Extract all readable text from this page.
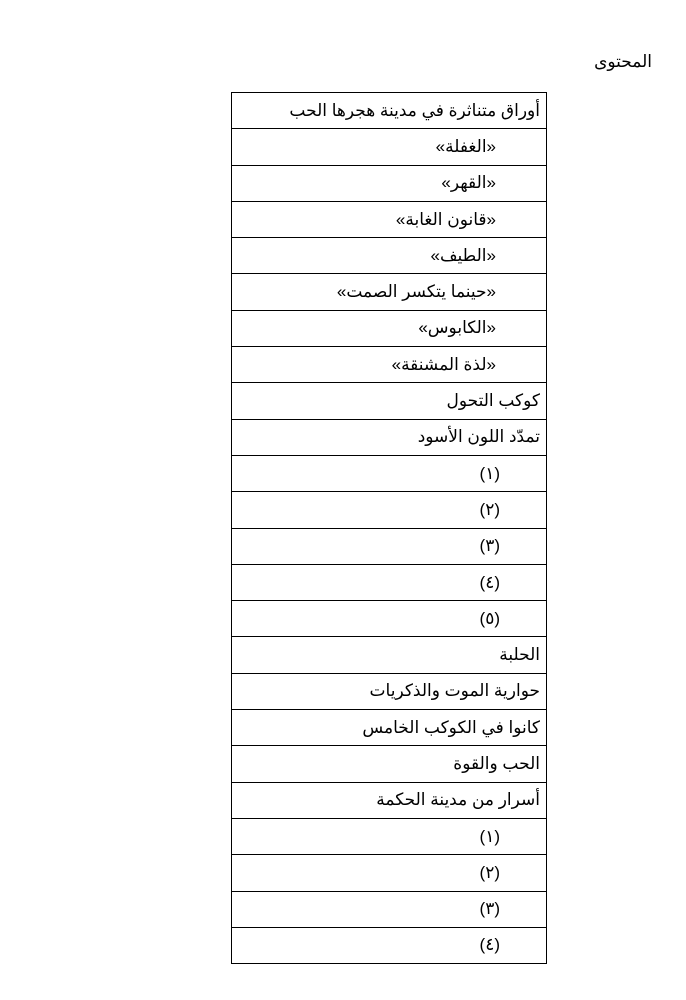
المحتوى
أوراق متناثرة في مدينة هجرها الحب
«الغفلة»
«القهر»
«قانون الغابة»
«الطيف»
«حينما يتكسر الصمت»
«الكابوس»
«لذة المشنقة»
كوكب التحول
تمدّد اللون الأسود
(١)
(٢)
(٣)
(٤)
(٥)
الحلبة
حوارية الموت والذكريات
كانوا في الكوكب الخامس
الحب والقوة
أسرار من مدينة الحكمة
(١)
(٢)
(٣)
(٤)
